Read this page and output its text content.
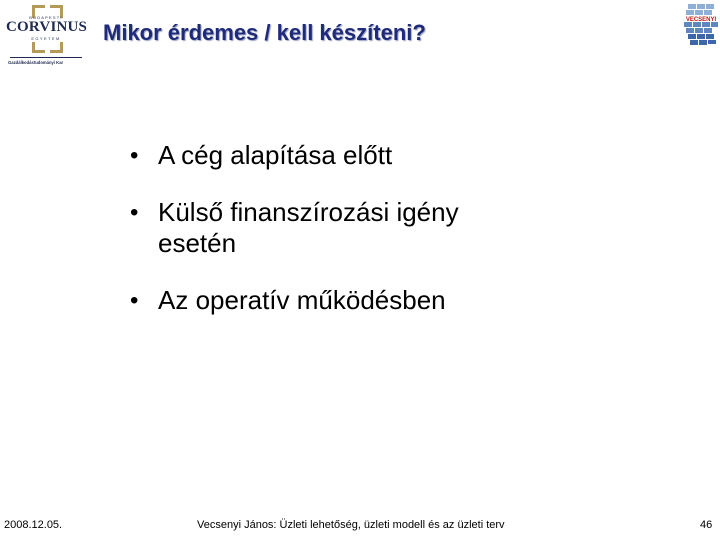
BUDAPESTI
CORVINUS
EGYETEM
Gazdálkodástudományi Kar
Mikor érdemes / kell készíteni?	VECSENYI
• A cég alapítása előtt
• Külső finanszírozási igény
esetén
• Az operatív működésben
2008.12.05.	Vecsenyi János: Üzleti lehetőség, üzleti modell és az üzleti terv	46
